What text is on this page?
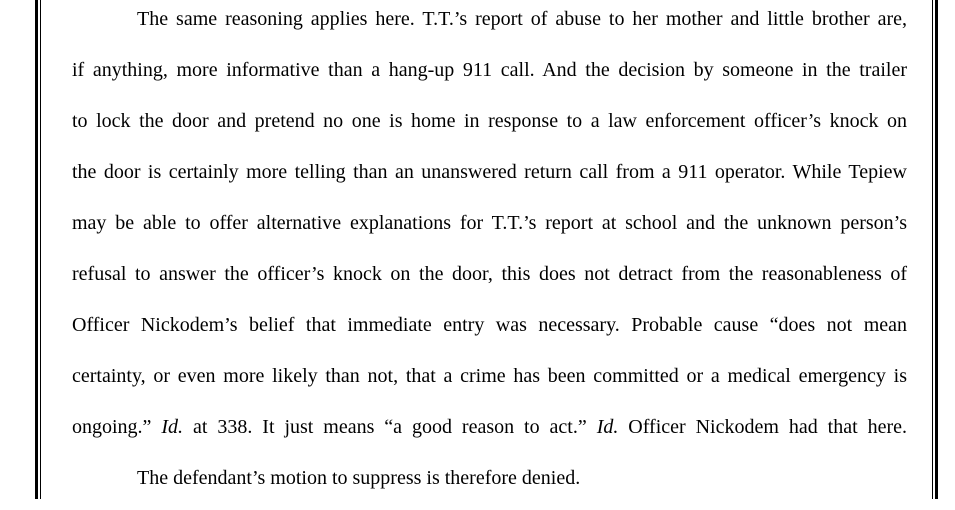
The same reasoning applies here. T.T.’s report of abuse to her mother and little brother are,
if anything, more informative than a hang-up 911 call. And the decision by someone in the trailer
to lock the door and pretend no one is home in response to a law enforcement officer’s knock on
the door is certainly more telling than an unanswered return call from a 911 operator. While Tepiew
may be able to offer alternative explanations for T.T.’s report at school and the unknown person’s
refusal to answer the officer’s knock on the door, this does not detract from the reasonableness of
Officer Nickodem’s belief that immediate entry was necessary. Probable cause “does not mean
certainty, or even more likely than not, that a crime has been committed or a medical emergency is
ongoing.” Id. at 338. It just means “a good reason to act.” Id. Officer Nickodem had that here.
The defendant’s motion to suppress is therefore denied.
